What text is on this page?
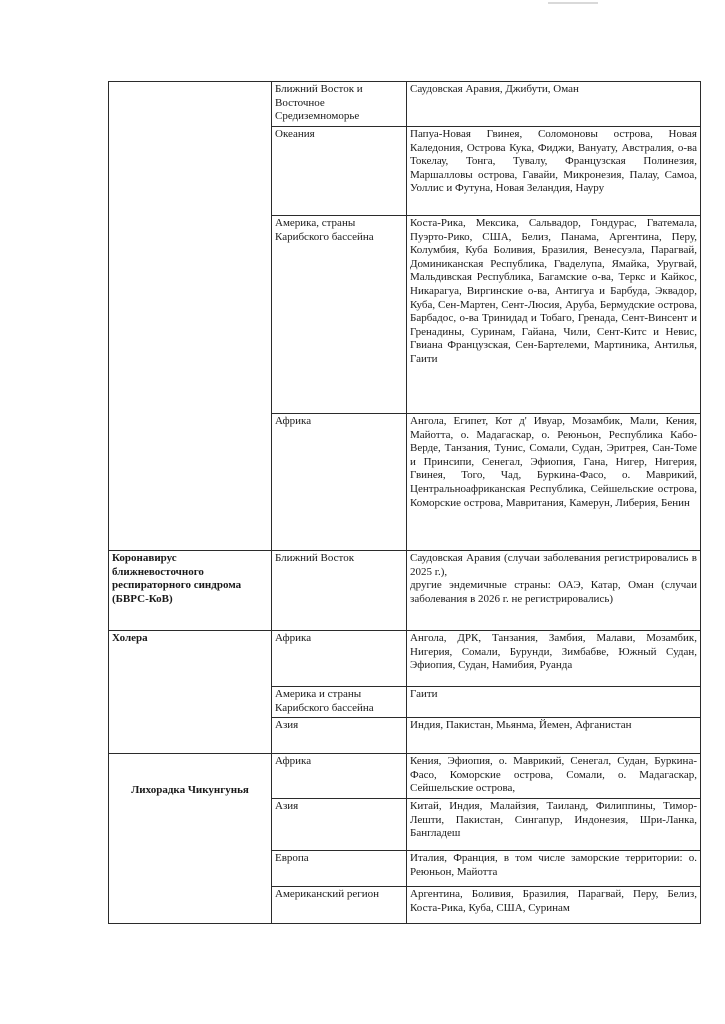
	Ближний Восток и Восточное Средиземноморье	Саудовская Аравия, Джибути, Оман
	Океания	Папуа-Новая Гвинея, Соломоновы острова, Новая Каледония, Острова Кука, Фиджи, Вануату, Австралия, о-ва Токелау, Тонга, Тувалу, Французская Полинезия, Маршалловы острова, Гавайи, Микронезия, Палау, Самоа, Уоллис и Футуна, Новая Зеландия, Науру
	Америка, страны Карибского бассейна	Коста-Рика, Мексика, Сальвадор, Гондурас, Гватемала, Пуэрто-Рико, США, Белиз, Панама, Аргентина, Перу, Колумбия, Куба Боливия, Бразилия, Венесуэла, Парагвай, Доминиканская Республика, Гваделупа, Ямайка, Уругвай, Мальдивская Республика, Багамские о-ва, Теркс и Кайкос, Никарагуа, Виргинские о-ва, Антигуа и Барбуда, Эквадор, Куба, Сен-Мартен, Сент-Люсия, Аруба, Бермудские острова, Барбадос, о-ва Тринидад и Тобаго, Гренада, Сент-Винсент и Гренадины, Суринам, Гайана, Чили, Сент-Китс и Невис, Гвиана Французская, Сен-Бартелеми, Мартиника, Антилья, Гаити
	Африка	Ангола, Египет, Кот д' Ивуар, Мозамбик, Мали, Кения, Майотта, о. Мадагаскар, о. Реюньон, Республика Кабо-Верде, Танзания, Тунис, Сомали, Судан, Эритрея, Сан-Томе и Принсипи, Сенегал, Эфиопия, Гана, Нигер, Нигерия, Гвинея, Того, Чад, Буркина-Фасо, о. Маврикий, Центральноафриканская Республика, Сейшельские острова, Коморские острова, Мавритания, Камерун, Либерия, Бенин
Коронавирус ближневосточного респираторного синдрома (БВРС-КоВ)	Ближний Восток	Саудовская Аравия (случаи заболевания регистрировались в 2025 г.),
другие эндемичные страны: ОАЭ, Катар, Оман (случаи заболевания в 2026 г. не регистрировались)

Холера	Африка	Ангола, ДРК, Танзания, Замбия, Малави, Мозамбик, Нигерия, Сомали, Бурунди, Зимбабве, Южный Судан, Эфиопия, Судан, Намибия, Руанда
	Америка и страны Карибского бассейна	Гаити
	Азия	Индия, Пакистан, Мьянма, Йемен, Афганистан

Лихорадка Чикунгунья	Африка	Кения, Эфиопия, о. Маврикий, Сенегал, Судан, Буркина-Фасо, Коморские острова, Сомали, о. Мадагаскар, Сейшельские острова,
	Азия	Китай, Индия, Малайзия, Таиланд, Филиппины, Тимор-Лешти, Пакистан, Сингапур, Индонезия, Шри-Ланка, Бангладеш
	Европа	Италия, Франция, в том числе заморские территории: о. Реюньон, Майотта
	Американский регион	Аргентина, Боливия, Бразилия, Парагвай, Перу, Белиз, Коста-Рика, Куба, США, Суринам
